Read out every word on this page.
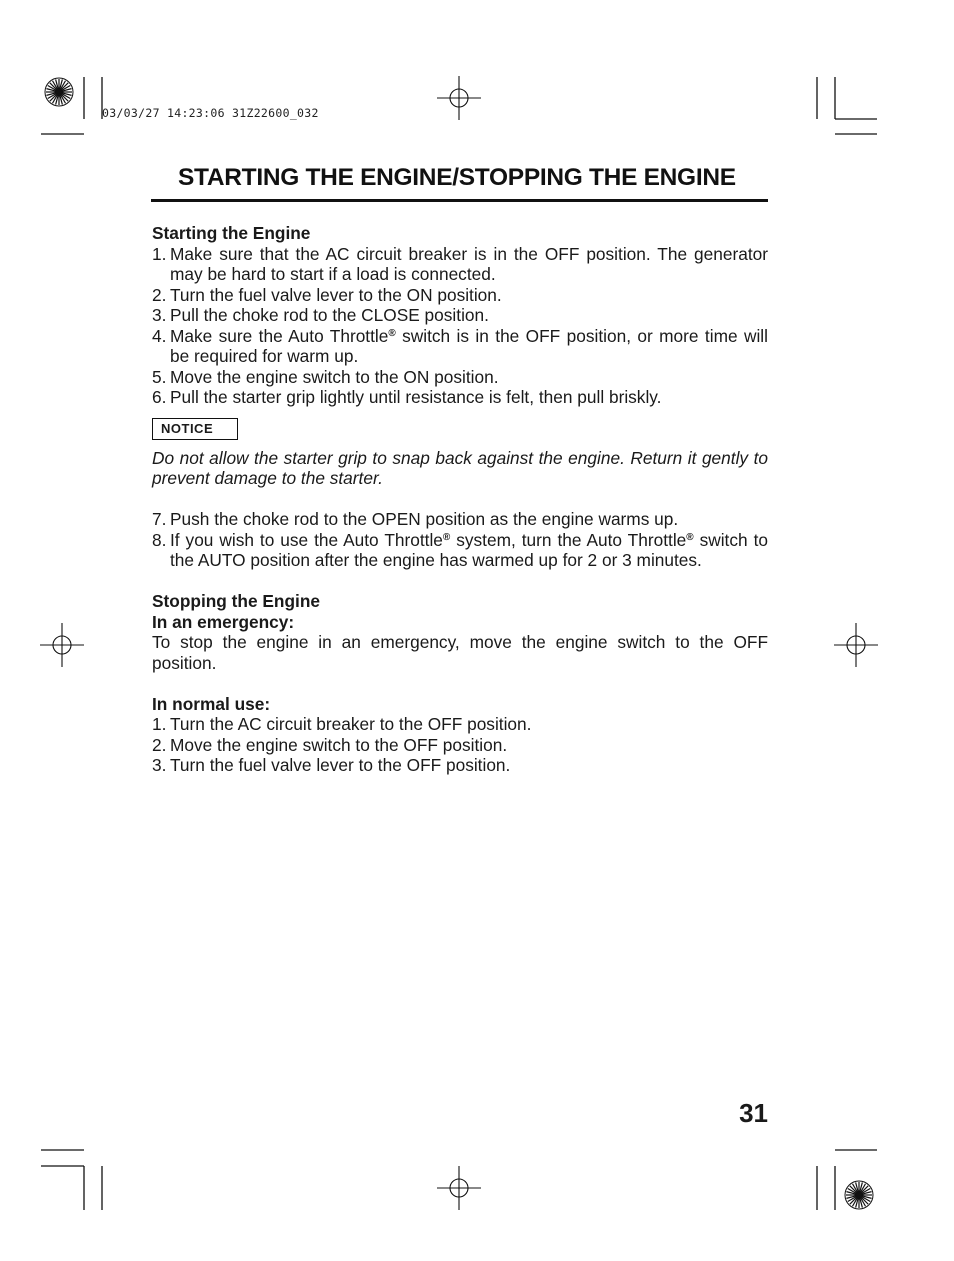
03/03/27 14:23:06 31Z22600_032
STARTING THE ENGINE/STOPPING THE ENGINE

Starting the Engine

1. Make sure that the AC circuit breaker is in the OFF position. The generator may be hard to start if a load is connected.
2. Turn the fuel valve lever to the ON position.
3. Pull the choke rod to the CLOSE position.
4. Make sure the Auto Throttle® switch is in the OFF position, or more time will be required for warm up.
5. Move the engine switch to the ON position.
6. Pull the starter grip lightly until resistance is felt, then pull briskly.
NOTICE

Do not allow the starter grip to snap back against the engine. Return it gently to prevent damage to the starter.

7. Push the choke rod to the OPEN position as the engine warms up.
8. If you wish to use the Auto Throttle® system, turn the Auto Throttle® switch to the AUTO position after the engine has warmed up for 2 or 3 minutes.

Stopping the Engine

In an emergency:

To stop the engine in an emergency, move the engine switch to the OFF position.

In normal use:

1. Turn the AC circuit breaker to the OFF position.
2. Move the engine switch to the OFF position.
3. Turn the fuel valve lever to the OFF position.
31
